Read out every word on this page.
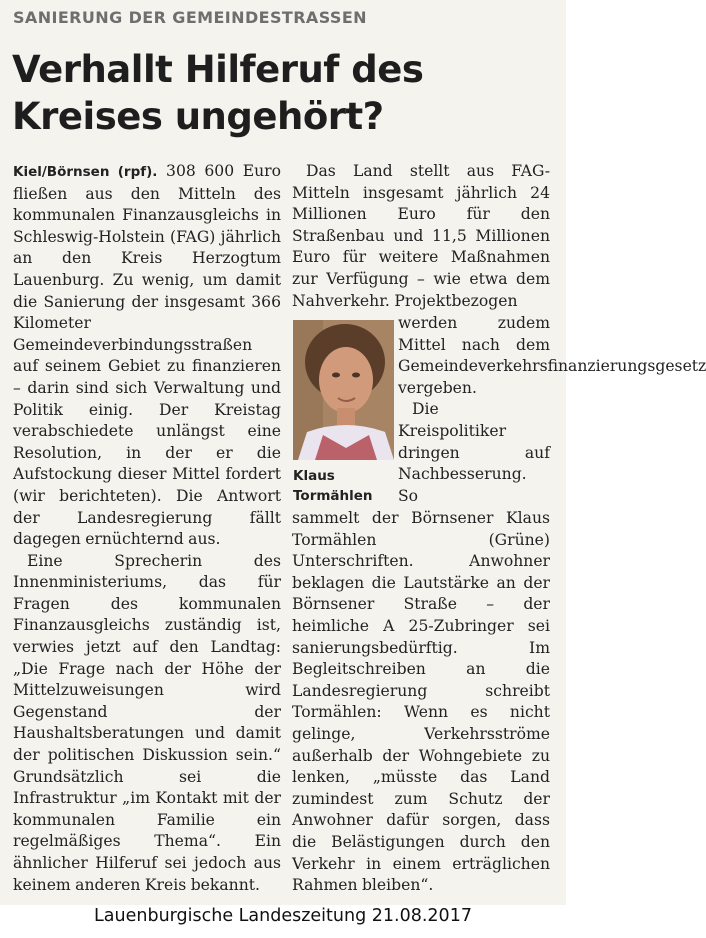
SANIERUNG DER GEMEINDESTRASSEN
Verhallt Hilferuf des
Kreises ungehört?

Kiel/Börnsen (rpf). 308 600 Euro fließen aus den Mitteln des kommunalen Finanzausgleichs in Schleswig-Holstein (FAG) jährlich an den Kreis Herzogtum Lauenburg. Zu wenig, um damit die Sanierung der insgesamt 366 Kilometer Gemeindeverbindungsstraßen auf seinem Gebiet zu finanzieren – darin sind sich Verwaltung und Politik einig. Der Kreistag verabschiedete unlängst eine Resolution, in der er die Aufstockung dieser Mittel fordert (wir berichteten). Die Antwort der Landesregierung fällt dagegen ernüchternd aus.

Eine Sprecherin des Innenministeriums, das für Fragen des kommunalen Finanzausgleichs zuständig ist, verwies jetzt auf den Landtag: „Die Frage nach der Höhe der Mittelzuweisungen wird Gegenstand der Haushaltsberatungen und damit der politischen Diskussion sein.“ Grundsätzlich sei die Infrastruktur „im Kontakt mit der kommunalen Familie ein regelmäßiges Thema“. Ein ähnlicher Hilferuf sei jedoch aus keinem anderen Kreis bekannt.

Das Land stellt aus FAG-Mitteln insgesamt jährlich 24 Millionen Euro für den Straßenbau und 11,5 Millionen Euro für weitere Maßnahmen zur Verfügung – wie etwa dem Nahverkehr. Projektbezogen

Klaus
Tormählen

werden zudem Mittel nach dem Gemeindeverkehrsfinanzierungsgesetz vergeben.

Die Kreispolitiker dringen auf Nachbesserung. So

sammelt der Börnsener Klaus Tormählen (Grüne) Unterschriften. Anwohner beklagen die Lautstärke an der Börnsener Straße – der heimliche A 25-Zubringer sei sanierungsbedürftig. Im Begleitschreiben an die Landesregierung schreibt Tormählen: Wenn es nicht gelinge, Verkehrsströme außerhalb der Wohngebiete zu lenken, „müsste das Land zumindest zum Schutz der Anwohner dafür sorgen, dass die Belästigungen durch den Verkehr in einem erträglichen Rahmen bleiben“.

Lauenburgische Landeszeitung 21.08.2017
